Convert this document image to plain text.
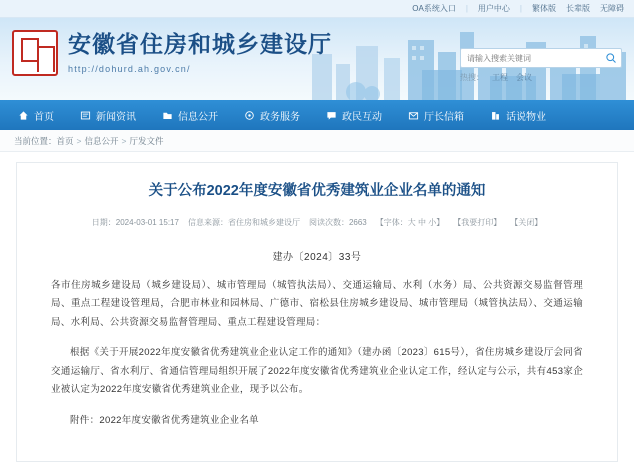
OA系统入口 | 用户中心 | 繁体版 长辈版 无障碍
安徽省住房和城乡建设厅
http://dohurd.ah.gov.cn/
请输入搜索关键词
热搜： 工程 会议
首页	新闻资讯	信息公开	政务服务	政民互动	厅长信箱	话说物业
当前位置： 首页 > 信息公开 > 厅发文件
关于公布2022年度安徽省优秀建筑业企业名单的通知
日期：2024-03-01 15:17 信息来源：省住房和城乡建设厅 阅读次数：2663 【字体：大 中 小】 【我要打印】 【关闭】
建办〔2024〕33号

各市住房城乡建设局（城乡建设局）、城市管理局（城管执法局）、交通运输局、水利（水务）局、公共资源交易监督管理局、重点工程建设管理局，合肥市林业和园林局、广德市、宿松县住房城乡建设局、城市管理局（城管执法局）、交通运输局、水利局、公共资源交易监督管理局、重点工程建设管理局：

根据《关于开展2022年度安徽省优秀建筑业企业认定工作的通知》（建办函〔2023〕615号），省住房城乡建设厅会同省交通运输厅、省水利厅、省通信管理局组织开展了2022年度安徽省优秀建筑业企业认定工作，经认定与公示，共有453家企业被认定为2022年度安徽省优秀建筑业企业，现予以公布。

附件：2022年度安徽省优秀建筑业企业名单
